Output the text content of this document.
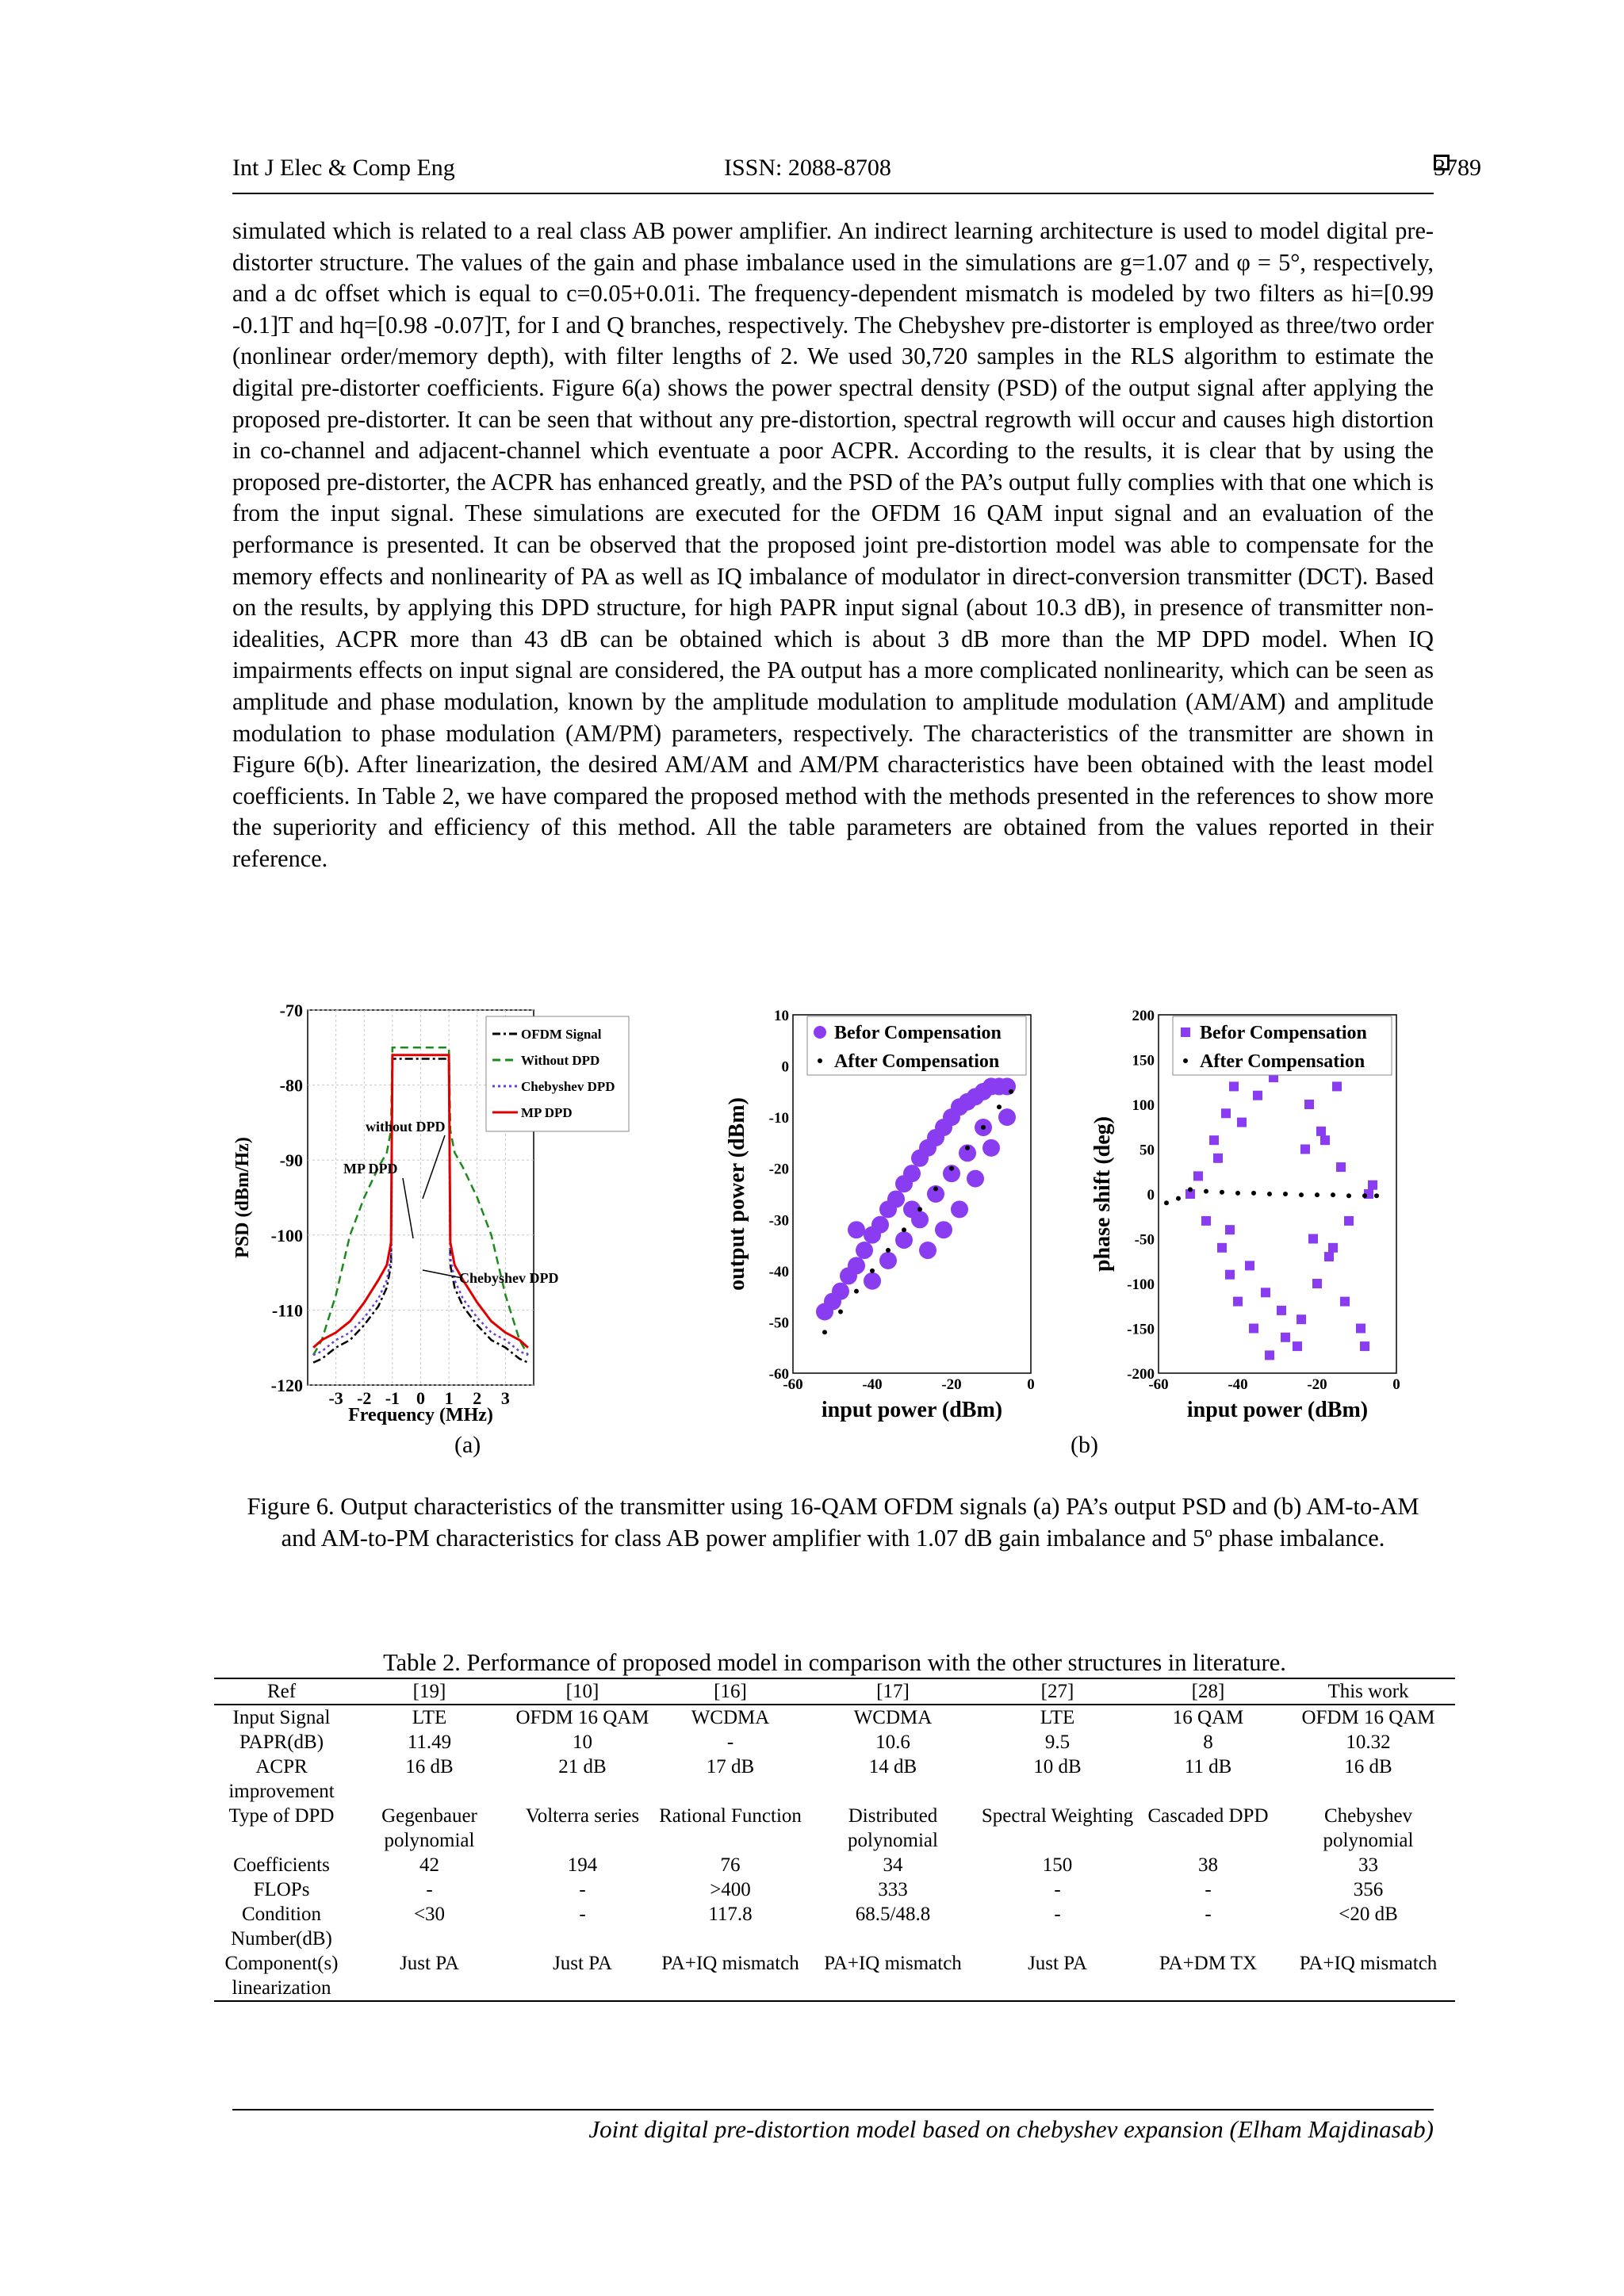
Int J Elec & Comp Eng	ISSN: 2088-8708	3789

simulated which is related to a real class AB power amplifier. An indirect learning architecture is used to model digital pre-distorter structure. The values of the gain and phase imbalance used in the simulations are g=1.07 and φ = 5°, respectively, and a dc offset which is equal to c=0.05+0.01i. The frequency-dependent mismatch is modeled by two filters as hi=[0.99 -0.1]T and hq=[0.98 -0.07]T, for I and Q branches, respectively. The Chebyshev pre-distorter is employed as three/two order (nonlinear order/memory depth), with filter lengths of 2. We used 30,720 samples in the RLS algorithm to estimate the digital pre-distorter coefficients. Figure 6(a) shows the power spectral density (PSD) of the output signal after applying the proposed pre-distorter. It can be seen that without any pre-distortion, spectral regrowth will occur and causes high distortion in co-channel and adjacent-channel which eventuate a poor ACPR. According to the results, it is clear that by using the proposed pre-distorter, the ACPR has enhanced greatly, and the PSD of the PA’s output fully complies with that one which is from the input signal. These simulations are executed for the OFDM 16 QAM input signal and an evaluation of the performance is presented. It can be observed that the proposed joint pre-distortion model was able to compensate for the memory effects and nonlinearity of PA as well as IQ imbalance of modulator in direct-conversion transmitter (DCT). Based on the results, by applying this DPD structure, for high PAPR input signal (about 10.3 dB), in presence of transmitter non-idealities, ACPR more than 43 dB can be obtained which is about 3 dB more than the MP DPD model. When IQ impairments effects on input signal are considered, the PA output has a more complicated nonlinearity, which can be seen as amplitude and phase modulation, known by the amplitude modulation to amplitude modulation (AM/AM) and amplitude modulation to phase modulation (AM/PM) parameters, respectively. The characteristics of the transmitter are shown in Figure 6(b). After linearization, the desired AM/AM and AM/PM characteristics have been obtained with the least model coefficients. In Table 2, we have compared the proposed method with the methods presented in the references to show more the superiority and efficiency of this method. All the table parameters are obtained from the values reported in their reference.

-3 -2 -1 0 1 2 3
-70
-80
-90
-100
-110
-120
OFDM Signal
Without DPD
Chebyshev DPD
MP DPD
without DPD
MP DPD
Chebyshev DPD
Frequency (MHz)
PSD (dBm/Hz)
-60	-40	-20	0
10
0
-10
-20
-30
-40
-50
-60
Befor Compensation
After Compensation
input power (dBm)
output power (dBm)
-60	-40	-20	0
200
150
100
50
0
-50
-100
-150
-200
Befor Compensation
After Compensation
input power (dBm)
phase shift (deg)
(a)	(b)
Figure 6. Output characteristics of the transmitter using 16-QAM OFDM signals (a) PA’s output PSD and (b) AM-to-AM and AM-to-PM characteristics for class AB power amplifier with 1.07 dB gain imbalance and 5º phase imbalance.
Table 2. Performance of proposed model in comparison with the other structures in literature.
Ref	[19]	[10]	[16]	[17]	[27]	[28]	This work
Input Signal	LTE	OFDM 16 QAM	WCDMA	WCDMA	LTE	16 QAM	OFDM 16 QAM
PAPR(dB)	11.49	10	-	10.6	9.5	8	10.32
ACPR improvement	16 dB	21 dB	17 dB	14 dB	10 dB	11 dB	16 dB
Type of DPD	Gegenbauer polynomial	Volterra series	Rational Function	Distributed polynomial	Spectral Weighting	Cascaded DPD	Chebyshev polynomial
Coefficients	42	194	76	34	150	38	33
FLOPs	-	-	>400	333	-	-	356
Condition Number(dB)	<30	-	117.8	68.5/48.8	-	-	<20 dB
Component(s) linearization	Just PA	Just PA	PA+IQ mismatch	PA+IQ mismatch	Just PA	PA+DM TX	PA+IQ mismatch
Joint digital pre-distortion model based on chebyshev expansion (Elham Majdinasab)
